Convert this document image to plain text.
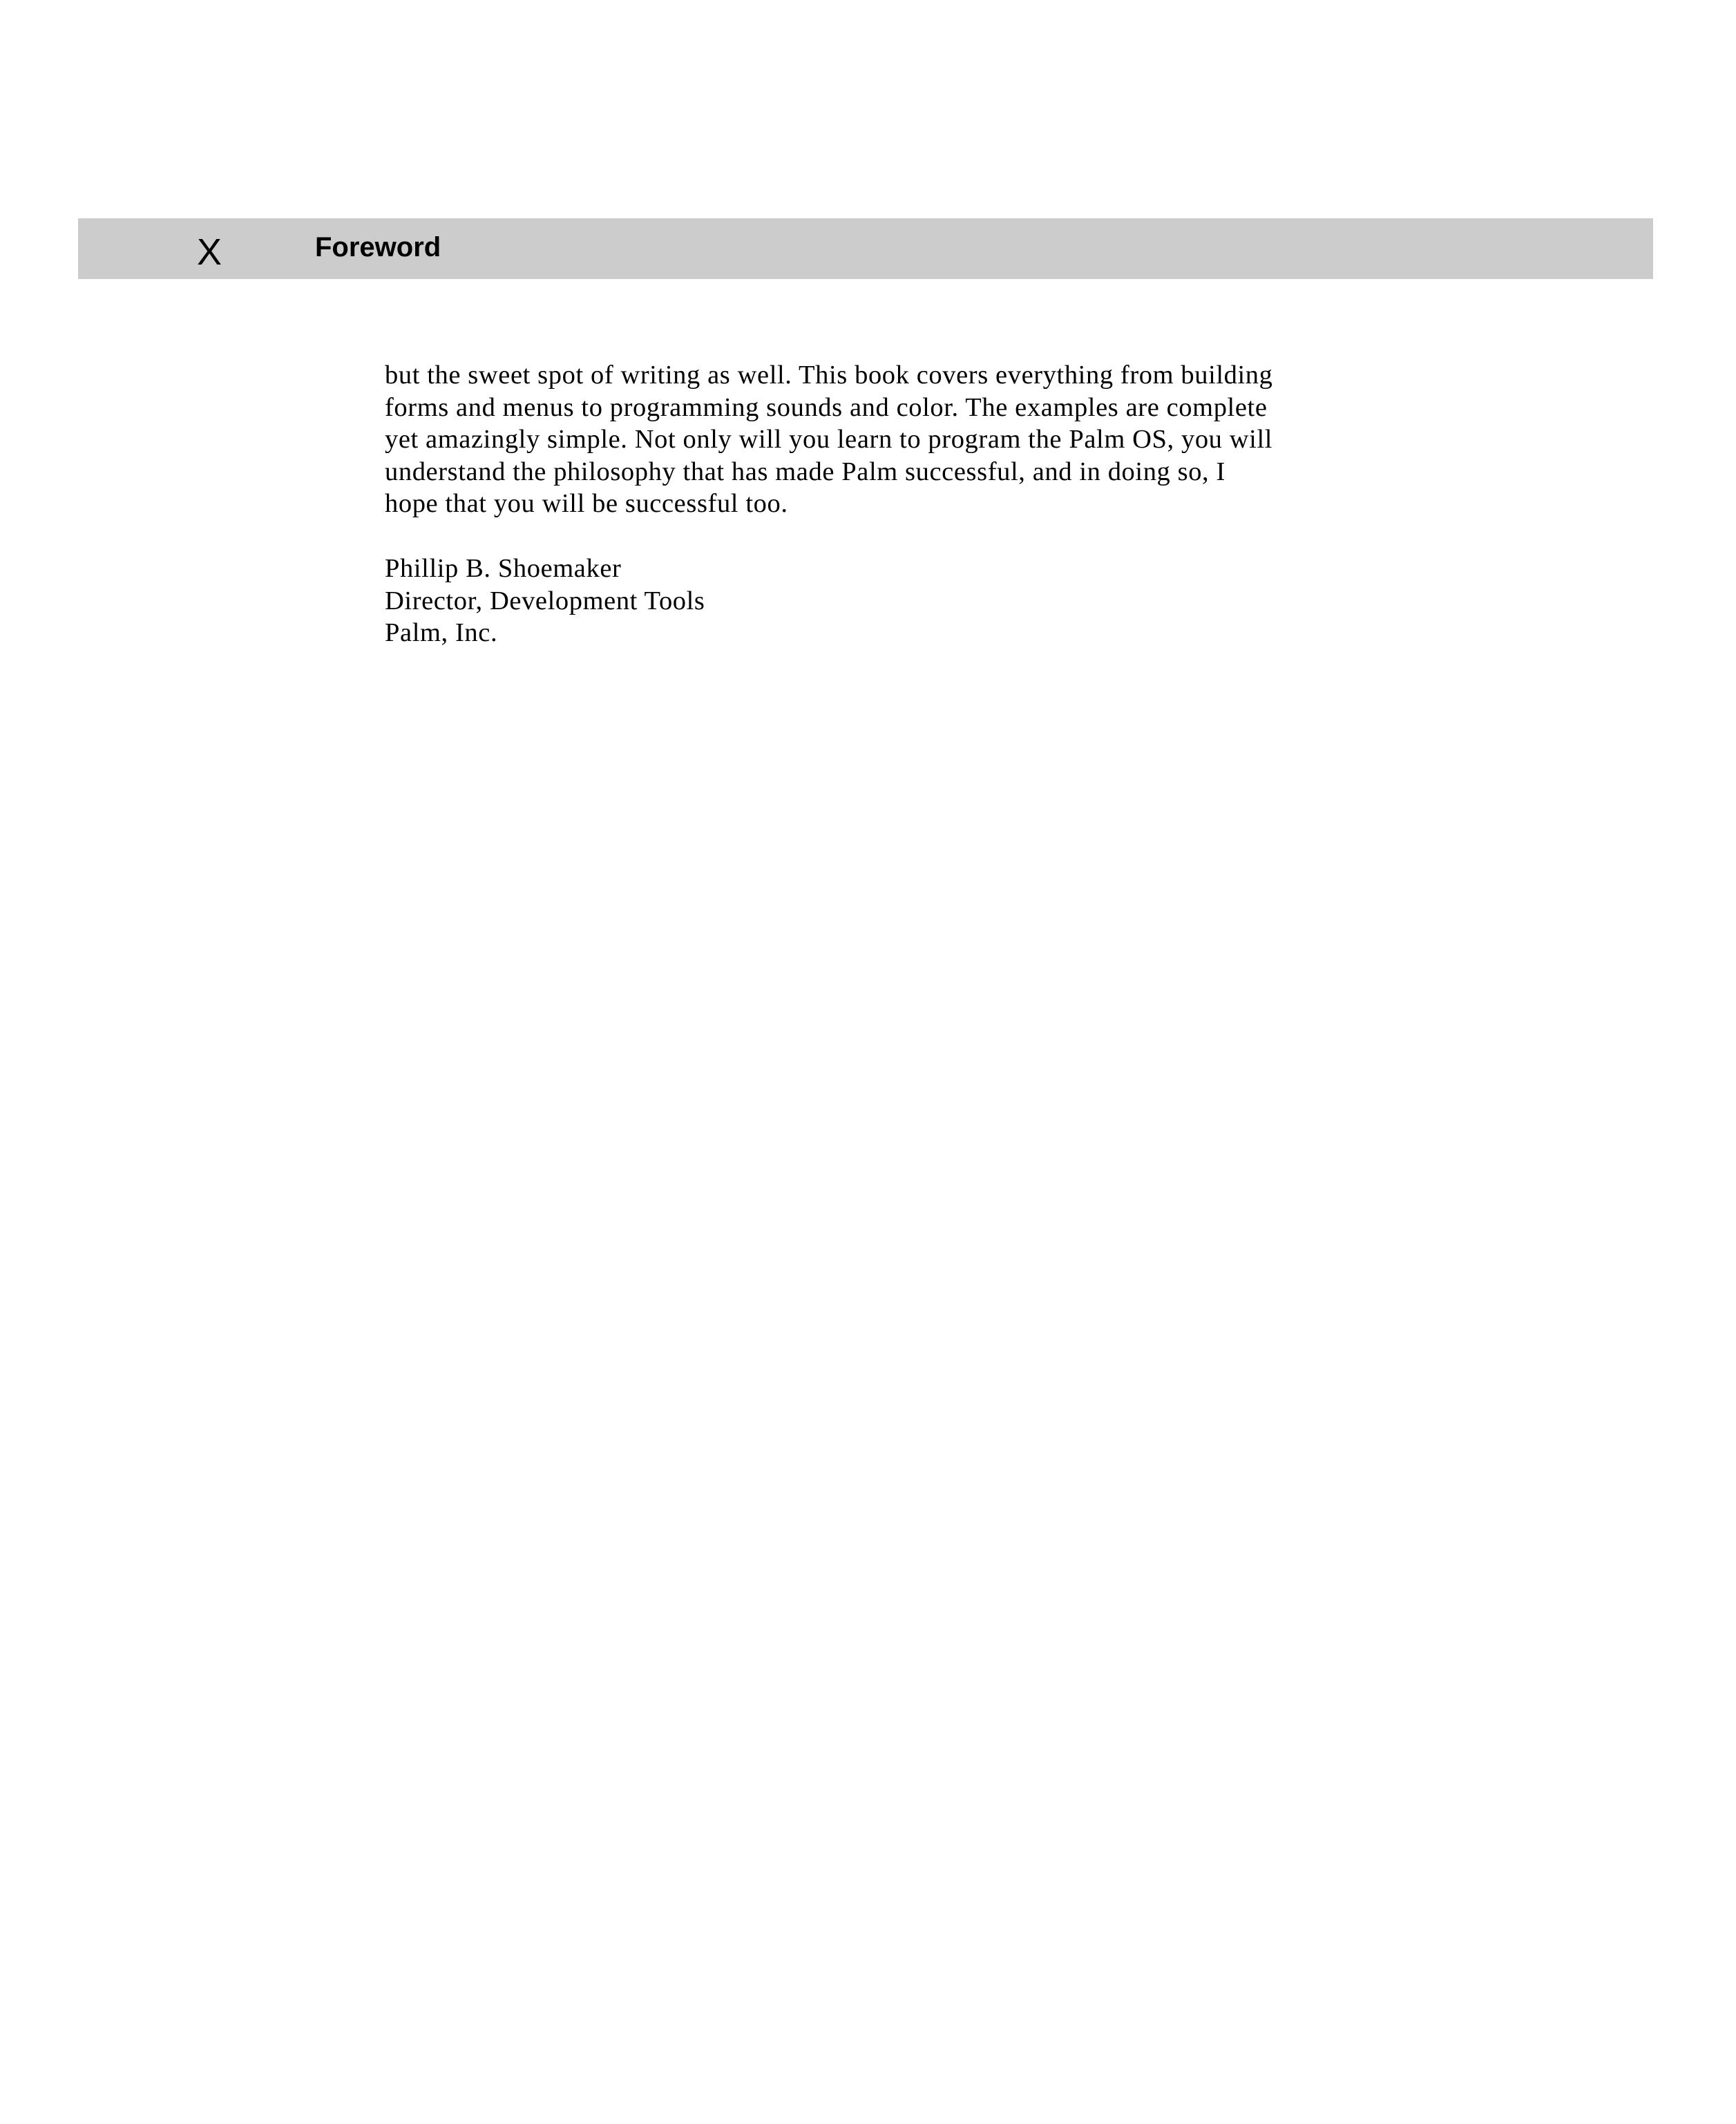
X	Foreword
but the sweet spot of writing as well. This book covers everything from building
forms and menus to programming sounds and color. The examples are complete
yet amazingly simple. Not only will you learn to program the Palm OS, you will
understand the philosophy that has made Palm successful, and in doing so, I
hope that you will be successful too.
Phillip B. Shoemaker
Director, Development Tools
Palm, Inc.
